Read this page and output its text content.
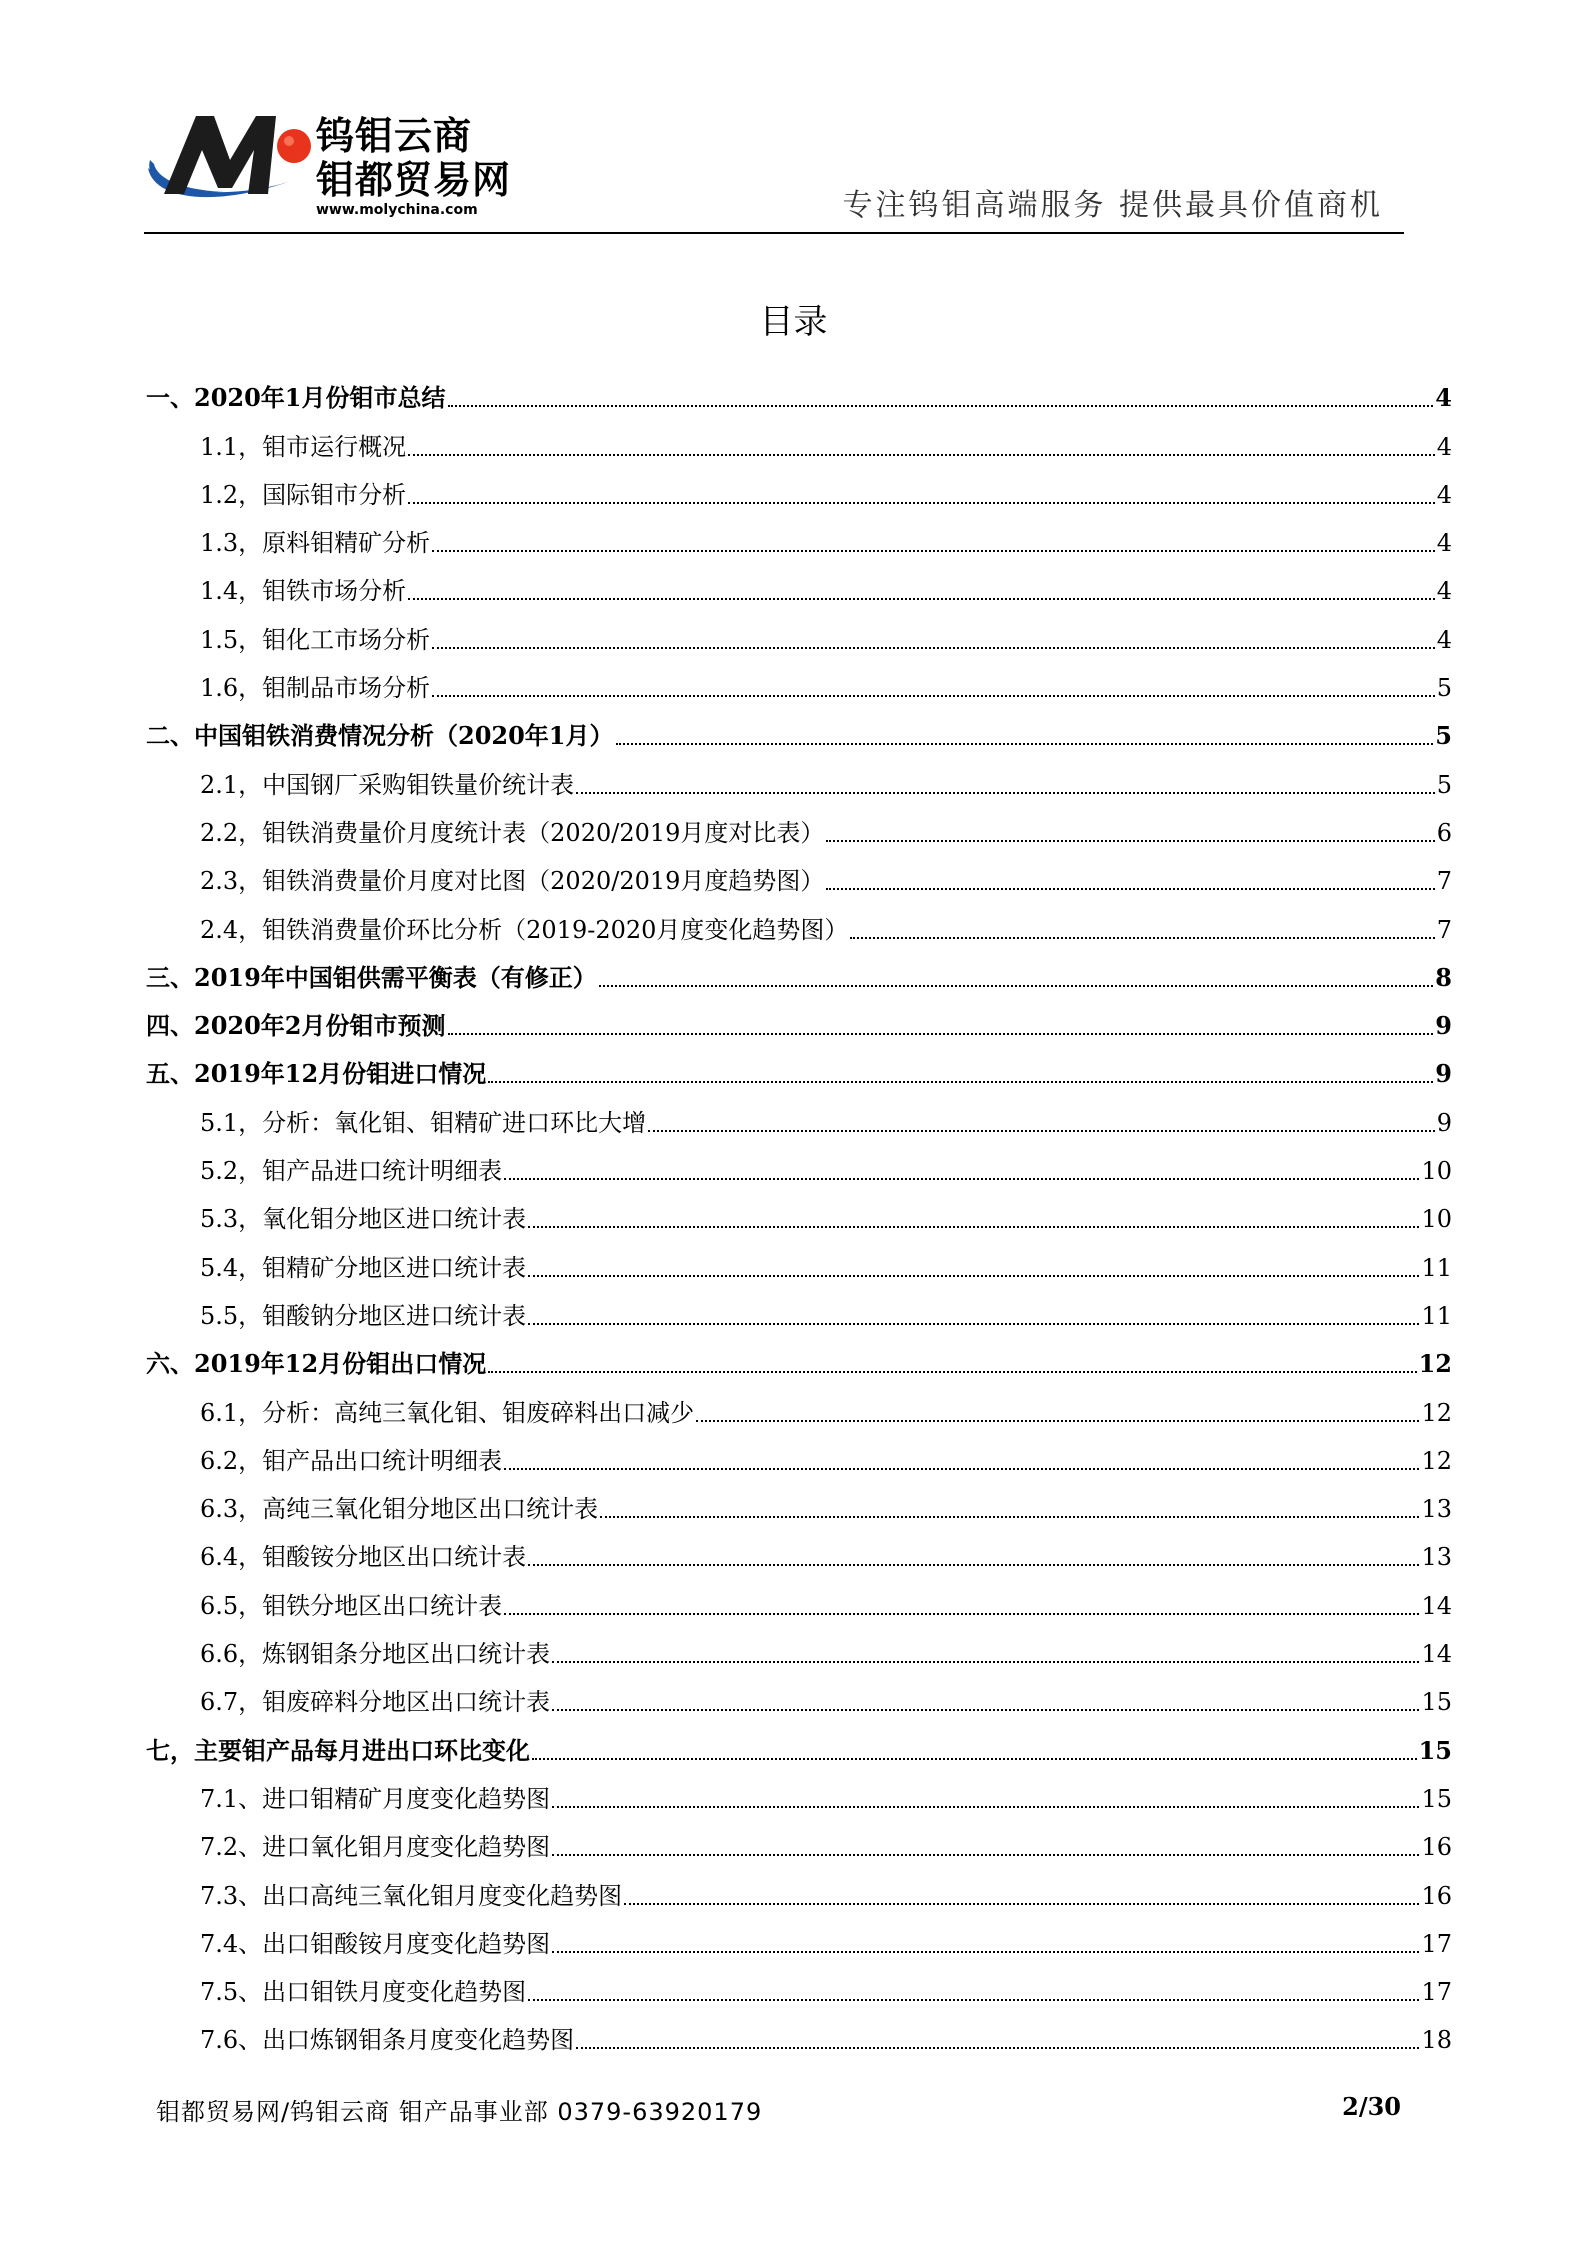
钨钼云商
钼都贸易网
www.molychina.com	专注钨钼高端服务 提供最具价值商机
目录
一、2020年1月份钼市总结	4
1.1，钼市运行概况	4
1.2，国际钼市分析	4
1.3，原料钼精矿分析	4
1.4，钼铁市场分析	4
1.5，钼化工市场分析	4
1.6，钼制品市场分析	5
二、中国钼铁消费情况分析（2020年1月）	5
2.1，中国钢厂采购钼铁量价统计表	5
2.2，钼铁消费量价月度统计表（2020/2019月度对比表）	6
2.3，钼铁消费量价月度对比图（2020/2019月度趋势图）	7
2.4，钼铁消费量价环比分析（2019-2020月度变化趋势图）	7
三、2019年中国钼供需平衡表（有修正）	8
四、2020年2月份钼市预测	9
五、2019年12月份钼进口情况	9
5.1，分析：氧化钼、钼精矿进口环比大增	9
5.2，钼产品进口统计明细表	10
5.3，氧化钼分地区进口统计表	10
5.4，钼精矿分地区进口统计表	11
5.5，钼酸钠分地区进口统计表	11
六、2019年12月份钼出口情况	12
6.1，分析：高纯三氧化钼、钼废碎料出口减少	12
6.2，钼产品出口统计明细表	12
6.3，高纯三氧化钼分地区出口统计表	13
6.4，钼酸铵分地区出口统计表	13
6.5，钼铁分地区出口统计表	14
6.6，炼钢钼条分地区出口统计表	14
6.7，钼废碎料分地区出口统计表	15
七，主要钼产品每月进出口环比变化	15
7.1、进口钼精矿月度变化趋势图	15
7.2、进口氧化钼月度变化趋势图	16
7.3、出口高纯三氧化钼月度变化趋势图	16
7.4、出口钼酸铵月度变化趋势图	17
7.5、出口钼铁月度变化趋势图	17
7.6、出口炼钢钼条月度变化趋势图	18
钼都贸易网/钨钼云商 钼产品事业部 0379-63920179	2/30
